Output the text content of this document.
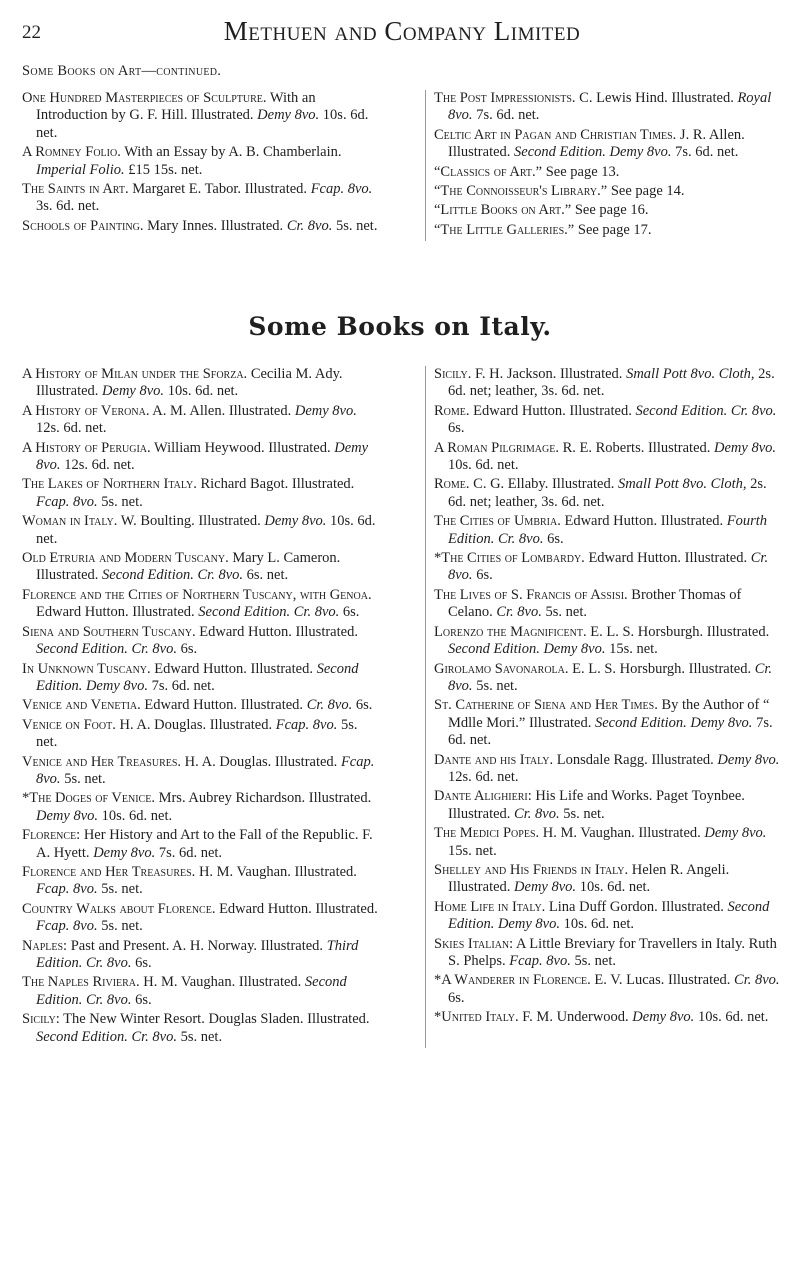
22	Methuen and Company Limited
Some Books on Art—continued.
One Hundred Masterpieces of Sculpture. With an Introduction by G. F. Hill. Illustrated. Demy 8vo. 10s. 6d. net.
A Romney Folio. With an Essay by A. B. Chamberlain. Imperial Folio. £15 15s. net.
The Saints in Art. Margaret E. Tabor. Illustrated. Fcap. 8vo. 3s. 6d. net.
Schools of Painting. Mary Innes. Illustrated. Cr. 8vo. 5s. net.
The Post Impressionists. C. Lewis Hind. Illustrated. Royal 8vo. 7s. 6d. net.
Celtic Art in Pagan and Christian Times. J. R. Allen. Illustrated. Second Edition. Demy 8vo. 7s. 6d. net.
“Classics of Art.” See page 13.
“The Connoisseur's Library.” See page 14.
“Little Books on Art.” See page 16.
“The Little Galleries.” See page 17.
Some Books on Italy.
A History of Milan under the Sforza. Cecilia M. Ady. Illustrated. Demy 8vo. 10s. 6d. net.
A History of Verona. A. M. Allen. Illustrated. Demy 8vo. 12s. 6d. net.
A History of Perugia. William Heywood. Illustrated. Demy 8vo. 12s. 6d. net.
The Lakes of Northern Italy. Richard Bagot. Illustrated. Fcap. 8vo. 5s. net.
Woman in Italy. W. Boulting. Illustrated. Demy 8vo. 10s. 6d. net.
Old Etruria and Modern Tuscany. Mary L. Cameron. Illustrated. Second Edition. Cr. 8vo. 6s. net.
Florence and the Cities of Northern Tuscany, with Genoa. Edward Hutton. Illustrated. Second Edition. Cr. 8vo. 6s.
Siena and Southern Tuscany. Edward Hutton. Illustrated. Second Edition. Cr. 8vo. 6s.
In Unknown Tuscany. Edward Hutton. Illustrated. Second Edition. Demy 8vo. 7s. 6d. net.
Venice and Venetia. Edward Hutton. Illustrated. Cr. 8vo. 6s.
Venice on Foot. H. A. Douglas. Illustrated. Fcap. 8vo. 5s. net.
Venice and Her Treasures. H. A. Douglas. Illustrated. Fcap. 8vo. 5s. net.
*The Doges of Venice. Mrs. Aubrey Richardson. Illustrated. Demy 8vo. 10s. 6d. net.
Florence: Her History and Art to the Fall of the Republic. F. A. Hyett. Demy 8vo. 7s. 6d. net.
Florence and Her Treasures. H. M. Vaughan. Illustrated. Fcap. 8vo. 5s. net.
Country Walks about Florence. Edward Hutton. Illustrated. Fcap. 8vo. 5s. net.
Naples: Past and Present. A. H. Norway. Illustrated. Third Edition. Cr. 8vo. 6s.
The Naples Riviera. H. M. Vaughan. Illustrated. Second Edition. Cr. 8vo. 6s.
Sicily: The New Winter Resort. Douglas Sladen. Illustrated. Second Edition. Cr. 8vo. 5s. net.
Sicily. F. H. Jackson. Illustrated. Small Pott 8vo. Cloth, 2s. 6d. net; leather, 3s. 6d. net.
Rome. Edward Hutton. Illustrated. Second Edition. Cr. 8vo. 6s.
A Roman Pilgrimage. R. E. Roberts. Illustrated. Demy 8vo. 10s. 6d. net.
Rome. C. G. Ellaby. Illustrated. Small Pott 8vo. Cloth, 2s. 6d. net; leather, 3s. 6d. net.
The Cities of Umbria. Edward Hutton. Illustrated. Fourth Edition. Cr. 8vo. 6s.
*The Cities of Lombardy. Edward Hutton. Illustrated. Cr. 8vo. 6s.
The Lives of S. Francis of Assisi. Brother Thomas of Celano. Cr. 8vo. 5s. net.
Lorenzo the Magnificent. E. L. S. Horsburgh. Illustrated. Second Edition. Demy 8vo. 15s. net.
Girolamo Savonarola. E. L. S. Horsburgh. Illustrated. Cr. 8vo. 5s. net.
St. Catherine of Siena and Her Times. By the Author of “ Mdlle Mori.” Illustrated. Second Edition. Demy 8vo. 7s. 6d. net.
Dante and his Italy. Lonsdale Ragg. Illustrated. Demy 8vo. 12s. 6d. net.
Dante Alighieri: His Life and Works. Paget Toynbee. Illustrated. Cr. 8vo. 5s. net.
The Medici Popes. H. M. Vaughan. Illustrated. Demy 8vo. 15s. net.
Shelley and His Friends in Italy. Helen R. Angeli. Illustrated. Demy 8vo. 10s. 6d. net.
Home Life in Italy. Lina Duff Gordon. Illustrated. Second Edition. Demy 8vo. 10s. 6d. net.
Skies Italian: A Little Breviary for Travellers in Italy. Ruth S. Phelps. Fcap. 8vo. 5s. net.
*A Wanderer in Florence. E. V. Lucas. Illustrated. Cr. 8vo. 6s.
*United Italy. F. M. Underwood. Demy 8vo. 10s. 6d. net.
